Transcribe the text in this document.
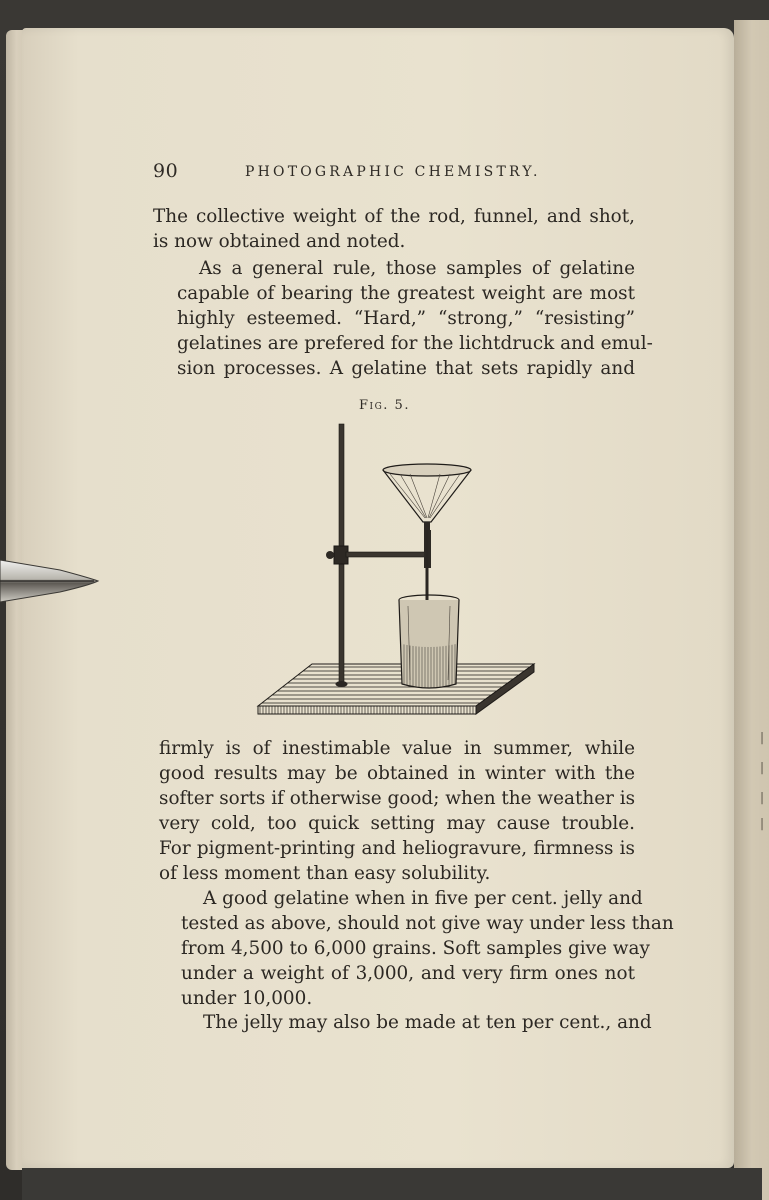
|
|
|
|
90	PHOTOGRAPHIC CHEMISTRY.
The collective weight of the rod, funnel, and shot,
is now obtained and noted.
As a general rule, those samples of gelatine
capable of bearing the greatest weight are most
highly esteemed. “Hard,” “strong,” “resisting”
gelatines are prefered for the lichtdruck and emul-
sion processes. A gelatine that sets rapidly and
Fig. 5.
firmly is of inestimable value in summer, while
good results may be obtained in winter with the
softer sorts if otherwise good; when the weather is
very cold, too quick setting may cause trouble.
For pigment-printing and heliogravure, firmness is
of less moment than easy solubility.
A good gelatine when in five per cent. jelly and
tested as above, should not give way under less than
from 4,500 to 6,000 grains. Soft samples give way
under a weight of 3,000, and very firm ones not
under 10,000.
The jelly may also be made at ten per cent., and
